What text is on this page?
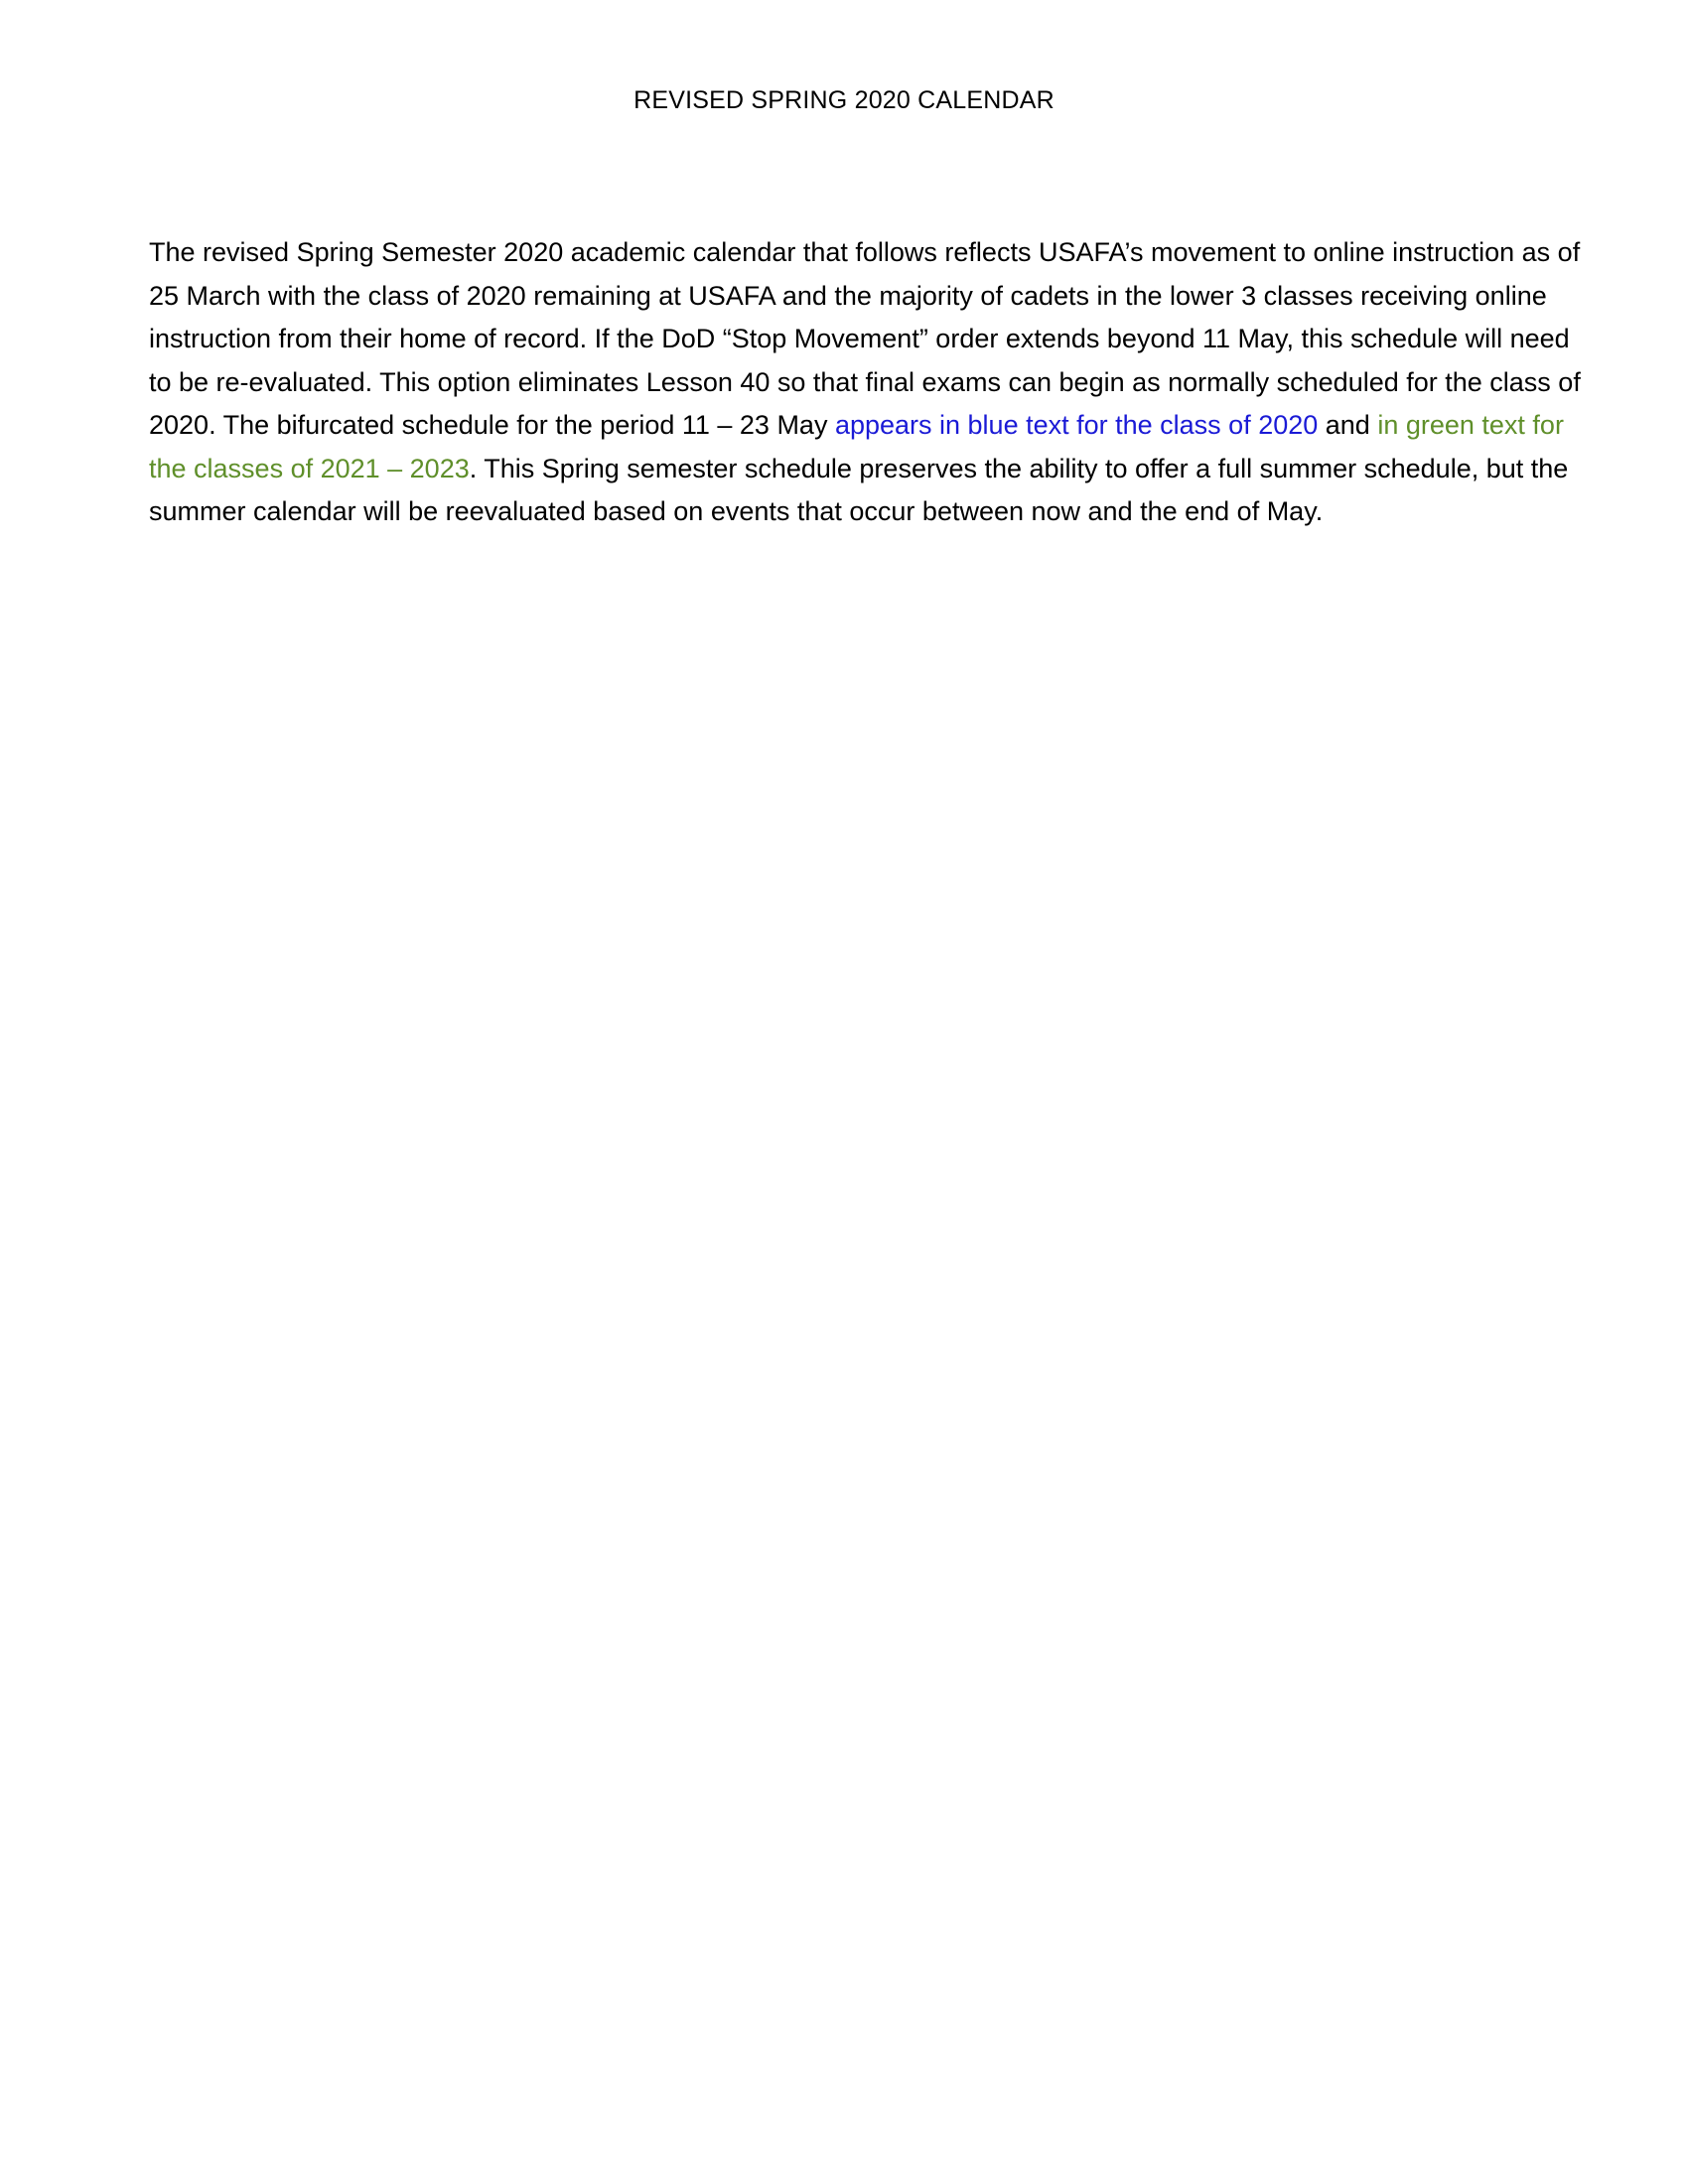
REVISED SPRING 2020 CALENDAR

The revised Spring Semester 2020 academic calendar that follows reflects USAFA’s movement to online instruction as of 25 March with the class of 2020 remaining at USAFA and the majority of cadets in the lower 3 classes receiving online instruction from their home of record. If the DoD “Stop Movement” order extends beyond 11 May, this schedule will need to be re-evaluated. This option eliminates Lesson 40 so that final exams can begin as normally scheduled for the class of 2020. The bifurcated schedule for the period 11 – 23 May appears in blue text for the class of 2020 and in green text for the classes of 2021 – 2023. This Spring semester schedule preserves the ability to offer a full summer schedule, but the summer calendar will be reevaluated based on events that occur between now and the end of May.
